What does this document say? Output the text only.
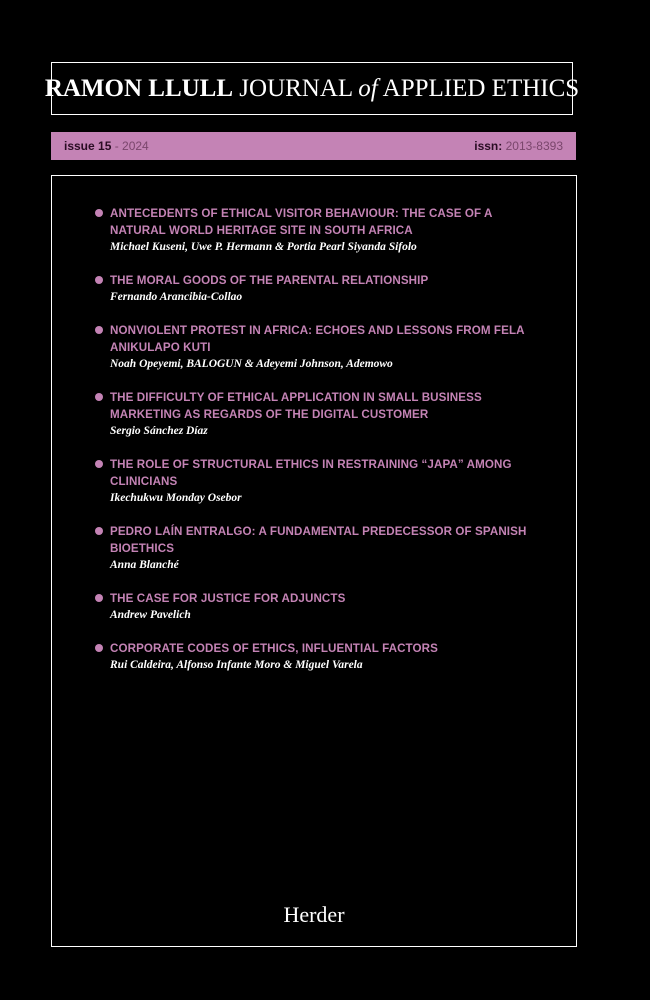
RAMON LLULL
JOURNAL of APPLIED ETHICS
issue 15 - 2024	issn: 2013-8393
ANTECEDENTS OF ETHICAL VISITOR BEHAVIOUR: THE CASE OF A NATURAL WORLD HERITAGE SITE IN SOUTH AFRICA
Michael Kuseni, Uwe P. Hermann & Portia Pearl Siyanda Sifolo
THE MORAL GOODS OF THE PARENTAL RELATIONSHIP
Fernando Arancibia-Collao
NONVIOLENT PROTEST IN AFRICA: ECHOES AND LESSONS FROM FELA ANIKULAPO KUTI
Noah Opeyemi, BALOGUN & Adeyemi Johnson, Ademowo
THE DIFFICULTY OF ETHICAL APPLICATION IN SMALL BUSINESS MARKETING AS REGARDS OF THE DIGITAL CUSTOMER
Sergio Sánchez Díaz
THE ROLE OF STRUCTURAL ETHICS IN RESTRAINING “JAPA” AMONG CLINICIANS
Ikechukwu Monday Osebor
PEDRO LAÍN ENTRALGO: A FUNDAMENTAL PREDECESSOR OF SPANISH BIOETHICS
Anna Blanché
THE CASE FOR JUSTICE FOR ADJUNCTS
Andrew Pavelich
CORPORATE CODES OF ETHICS, INFLUENTIAL FACTORS
Rui Caldeira, Alfonso Infante Moro & Miguel Varela
Herder
